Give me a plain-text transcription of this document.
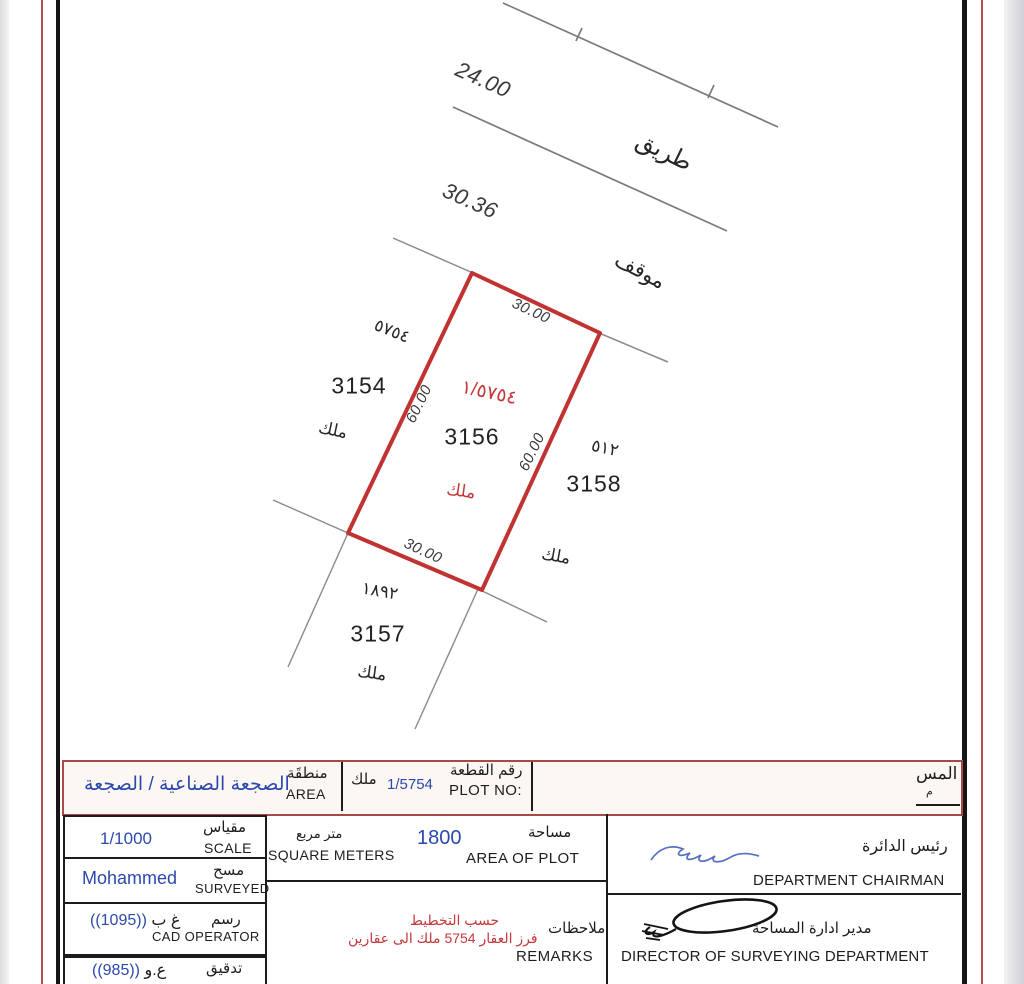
24.00
طريق
30.36
موقف
٥٧٥٤
3154
ملك
١/٥٧٥٤
3156
ملك
30.00
60.00
60.00
30.00
٥١٢
3158
ملك
١٨٩٢
3157
ملك
الصجعة الصناعية / الصجعة
منطقَة
AREA
ملك 1/5754
رقم القطعة
PLOT NO:
المس
م
مقياس
SCALE
1/1000
مسح
SURVEYED
Mohammed
رسم
CAD OPERATOR
((1095)) غ ب
تدقيق
((985)) ع.و
متر مربع
SQUARE METERS
1800	مساحة
AREA OF PLOT
حسب التخطيط
فرز العقار 5754 ملك الى عقارين
ملاحظات
REMARKS
رئيس الدائرة
DEPARTMENT CHAIRMAN
مدير ادارة المساحة
DIRECTOR OF SURVEYING DEPARTMENT
